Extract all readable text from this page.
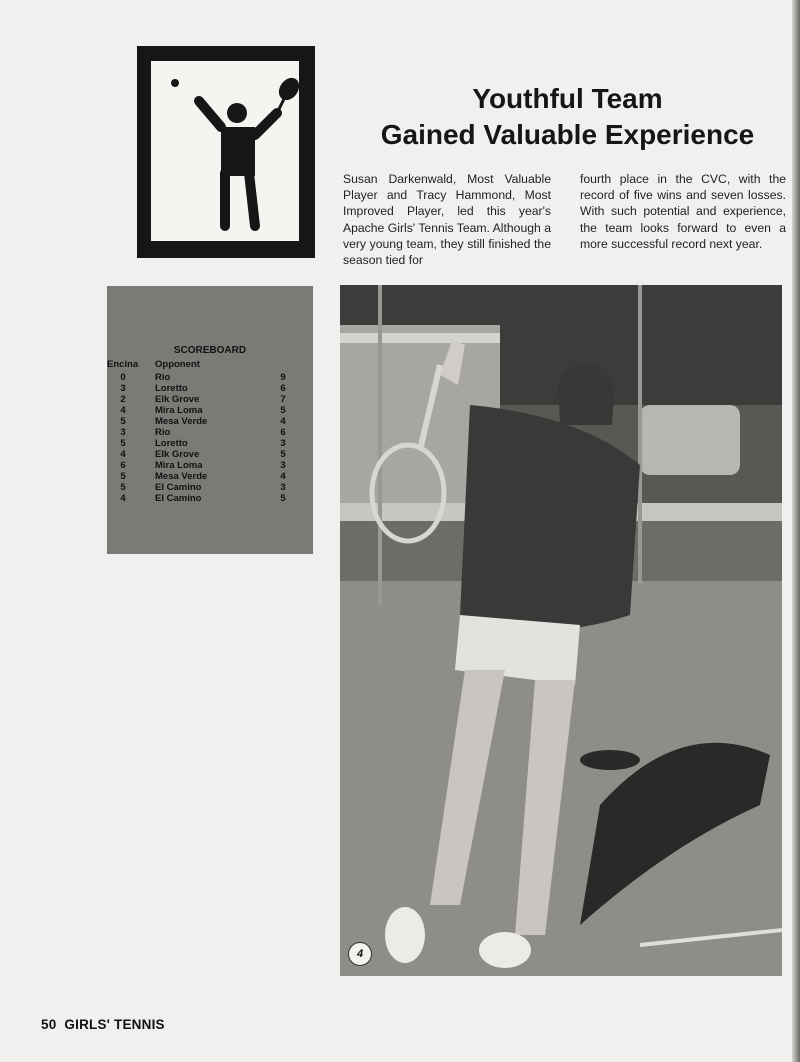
Youthful Team
Gained Valuable Experience
Susan Darkenwald, Most Valuable Player and Tracy Hammond, Most Improved Player, led this year's Apache Girls' Tennis Team. Although a very young team, they still finished the season tied for
fourth place in the CVC, with the record of five wins and seven losses. With such potential and experience, the team looks forward to even a more successful record next year.
SCOREBOARD
Encina Opponent
0	Rio	9
3	Loretto	6
2	Elk Grove	7
4	Mira Loma	5
5	Mesa Verde	4
3	Rio	6
5	Loretto	3
4	Elk Grove	5
6	Mira Loma	3
5	Mesa Verde	4
5	El Camino	3
4	El Camino	5
4
50 GIRLS' TENNIS
